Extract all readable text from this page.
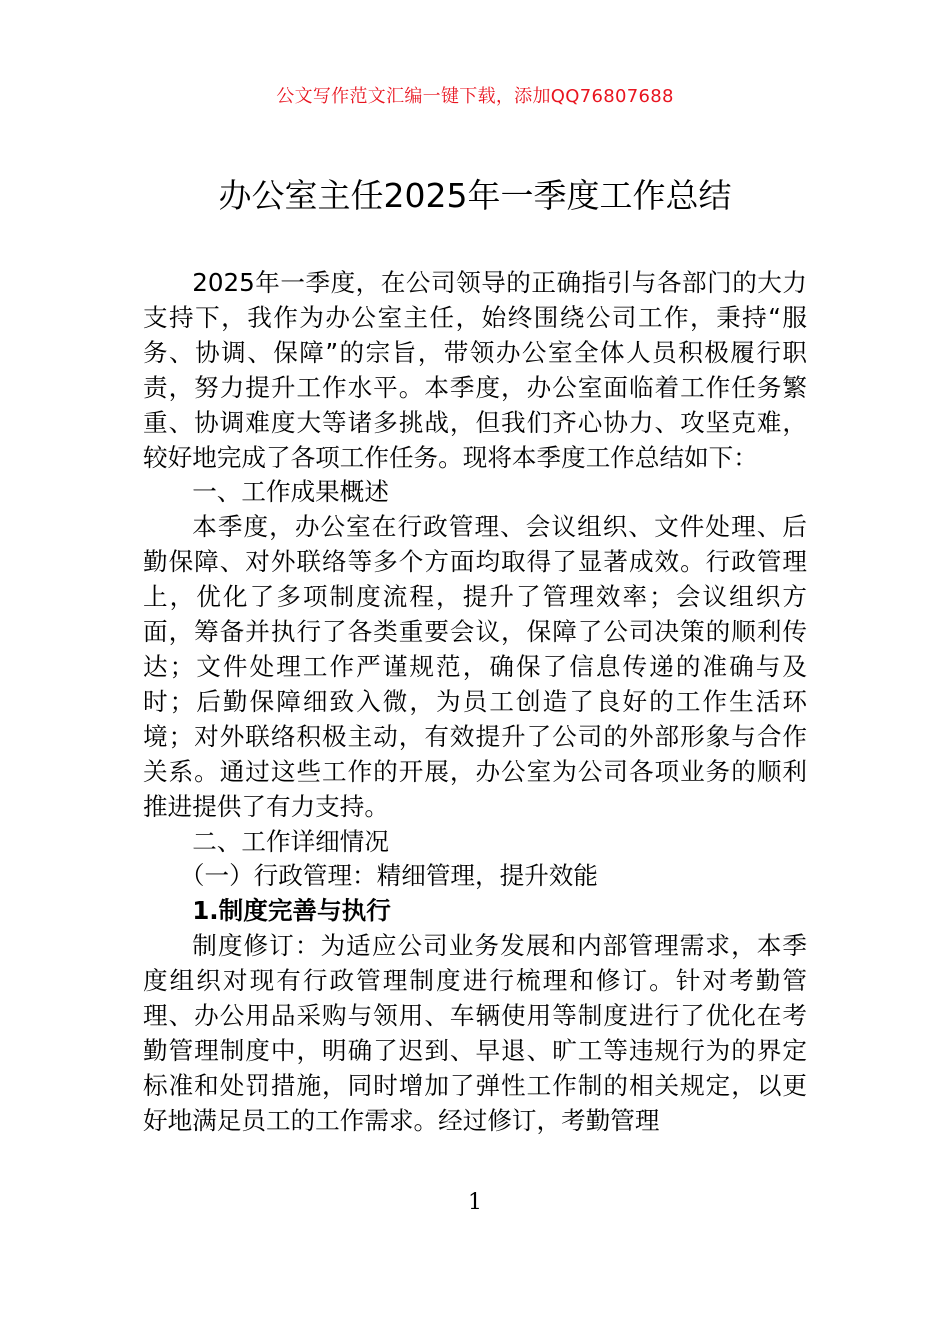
公文写作范文汇编一键下载，添加QQ76807688
办公室主任2025年一季度工作总结

2025年一季度，在公司领导的正确指引与各部门的大力支持下，我作为办公室主任，始终围绕公司工作，秉持“服务、协调、保障”的宗旨，带领办公室全体人员积极履行职责，努力提升工作水平。本季度，办公室面临着工作任务繁重、协调难度大等诸多挑战，但我们齐心协力、攻坚克难，较好地完成了各项工作任务。现将本季度工作总结如下：

一、工作成果概述

本季度，办公室在行政管理、会议组织、文件处理、后勤保障、对外联络等多个方面均取得了显著成效。行政管理上，优化了多项制度流程，提升了管理效率；会议组织方面，筹备并执行了各类重要会议，保障了公司决策的顺利传达；文件处理工作严谨规范，确保了信息传递的准确与及时；后勤保障细致入微，为员工创造了良好的工作生活环境；对外联络积极主动，有效提升了公司的外部形象与合作关系。通过这些工作的开展，办公室为公司各项业务的顺利推进提供了有力支持。

二、工作详细情况

（一）行政管理：精细管理，提升效能

1.制度完善与执行

制度修订：为适应公司业务发展和内部管理需求，本季度组织对现有行政管理制度进行梳理和修订。针对考勤管理、办公用品采购与领用、车辆使用等制度进行了优化在考勤管理制度中，明确了迟到、早退、旷工等违规行为的界定标准和处罚措施，同时增加了弹性工作制的相关规定，以更好地满足员工的工作需求。经过修订，考勤管理

1
